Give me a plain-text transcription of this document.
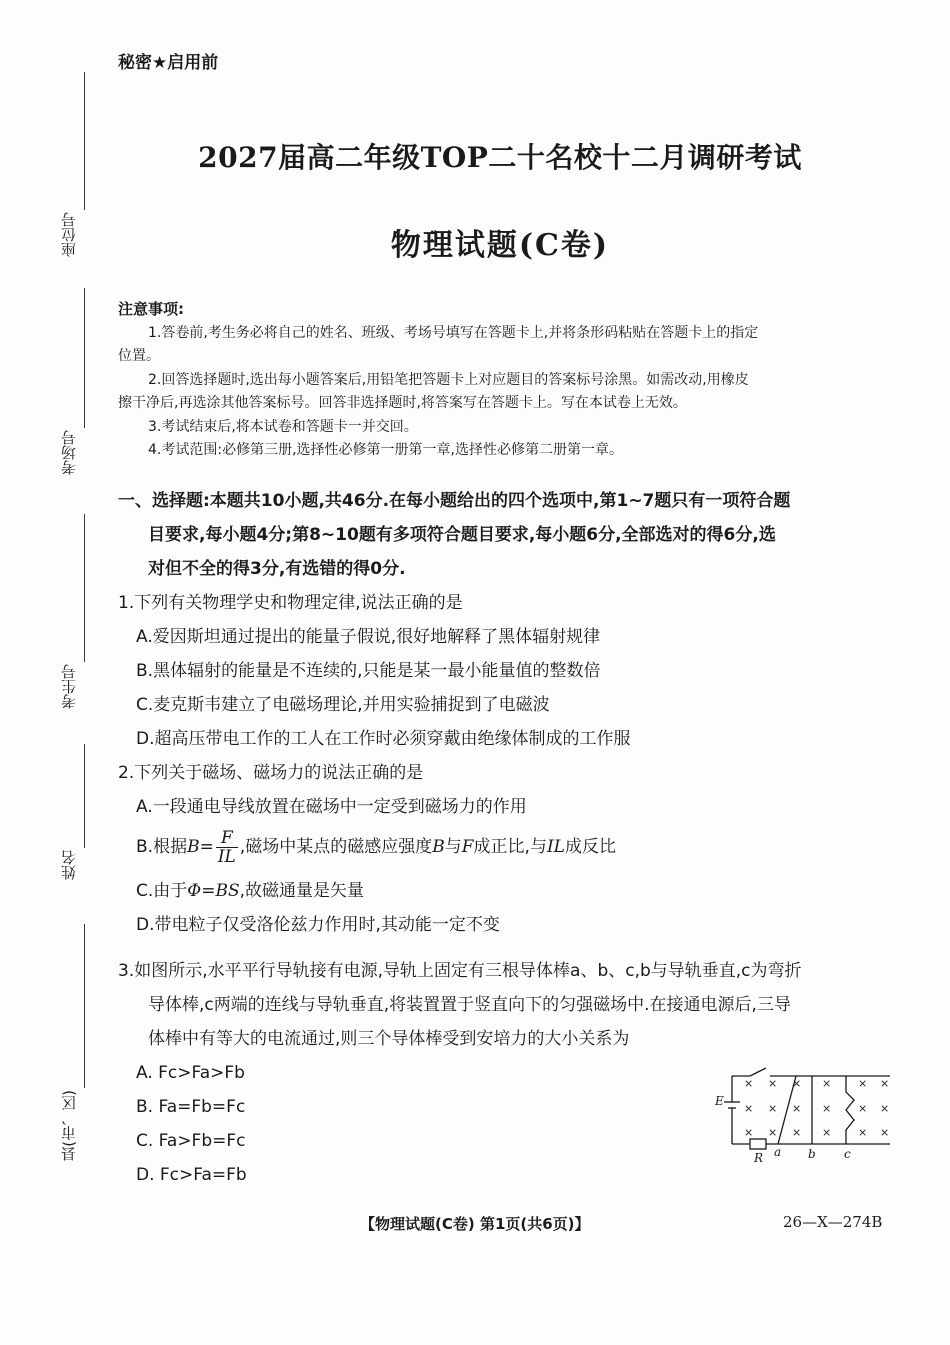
秘密★启用前
2027届高二年级TOP二十名校十二月调研考试
物理试题(C卷)
座位号
考场号
考生号
姓名
县(市、区)
注意事项:
1.答卷前,考生务必将自己的姓名、班级、考场号填写在答题卡上,并将条形码粘贴在答题卡上的指定
位置。
2.回答选择题时,选出每小题答案后,用铅笔把答题卡上对应题目的答案标号涂黑。如需改动,用橡皮
擦干净后,再选涂其他答案标号。回答非选择题时,将答案写在答题卡上。写在本试卷上无效。
3.考试结束后,将本试卷和答题卡一并交回。
4.考试范围:必修第三册,选择性必修第一册第一章,选择性必修第二册第一章。
一、选择题:本题共10小题,共46分.在每小题给出的四个选项中,第1~7题只有一项符合题
目要求,每小题4分;第8~10题有多项符合题目要求,每小题6分,全部选对的得6分,选
对但不全的得3分,有选错的得0分.
1.下列有关物理学史和物理定律,说法正确的是
A.爱因斯坦通过提出的能量子假说,很好地解释了黑体辐射规律
B.黑体辐射的能量是不连续的,只能是某一最小能量值的整数倍
C.麦克斯韦建立了电磁场理论,并用实验捕捉到了电磁波
D.超高压带电工作的工人在工作时必须穿戴由绝缘体制成的工作服
2.下列关于磁场、磁场力的说法正确的是
A.一段通电导线放置在磁场中一定受到磁场力的作用
B.根据$B= \frac{F}{IL}$ ,磁场中某点的磁感应强度B与F成正比,与IL成反比
C.由于Φ=BS,故磁通量是矢量
D.带电粒子仅受洛伦兹力作用时,其动能一定不变
3.如图所示,水平平行导轨接有电源,导轨上固定有三根导体棒a、b、c,b与导轨垂直,c为弯折
导体棒,c两端的连线与导轨垂直,将装置置于竖直向下的匀强磁场中.在接通电源后,三导
体棒中有等大的电流通过,则三个导体棒受到安培力的大小关系为
A. Fc>Fa>Fb
B. Fa=Fb=Fc
C. Fa>Fb=Fc
D. Fc>Fa=Fb
× × × × × ×
× × × × × ×
× × × × × ×
E
R a b c
【物理试题(C卷) 第1页(共6页)】	26—X—274B
